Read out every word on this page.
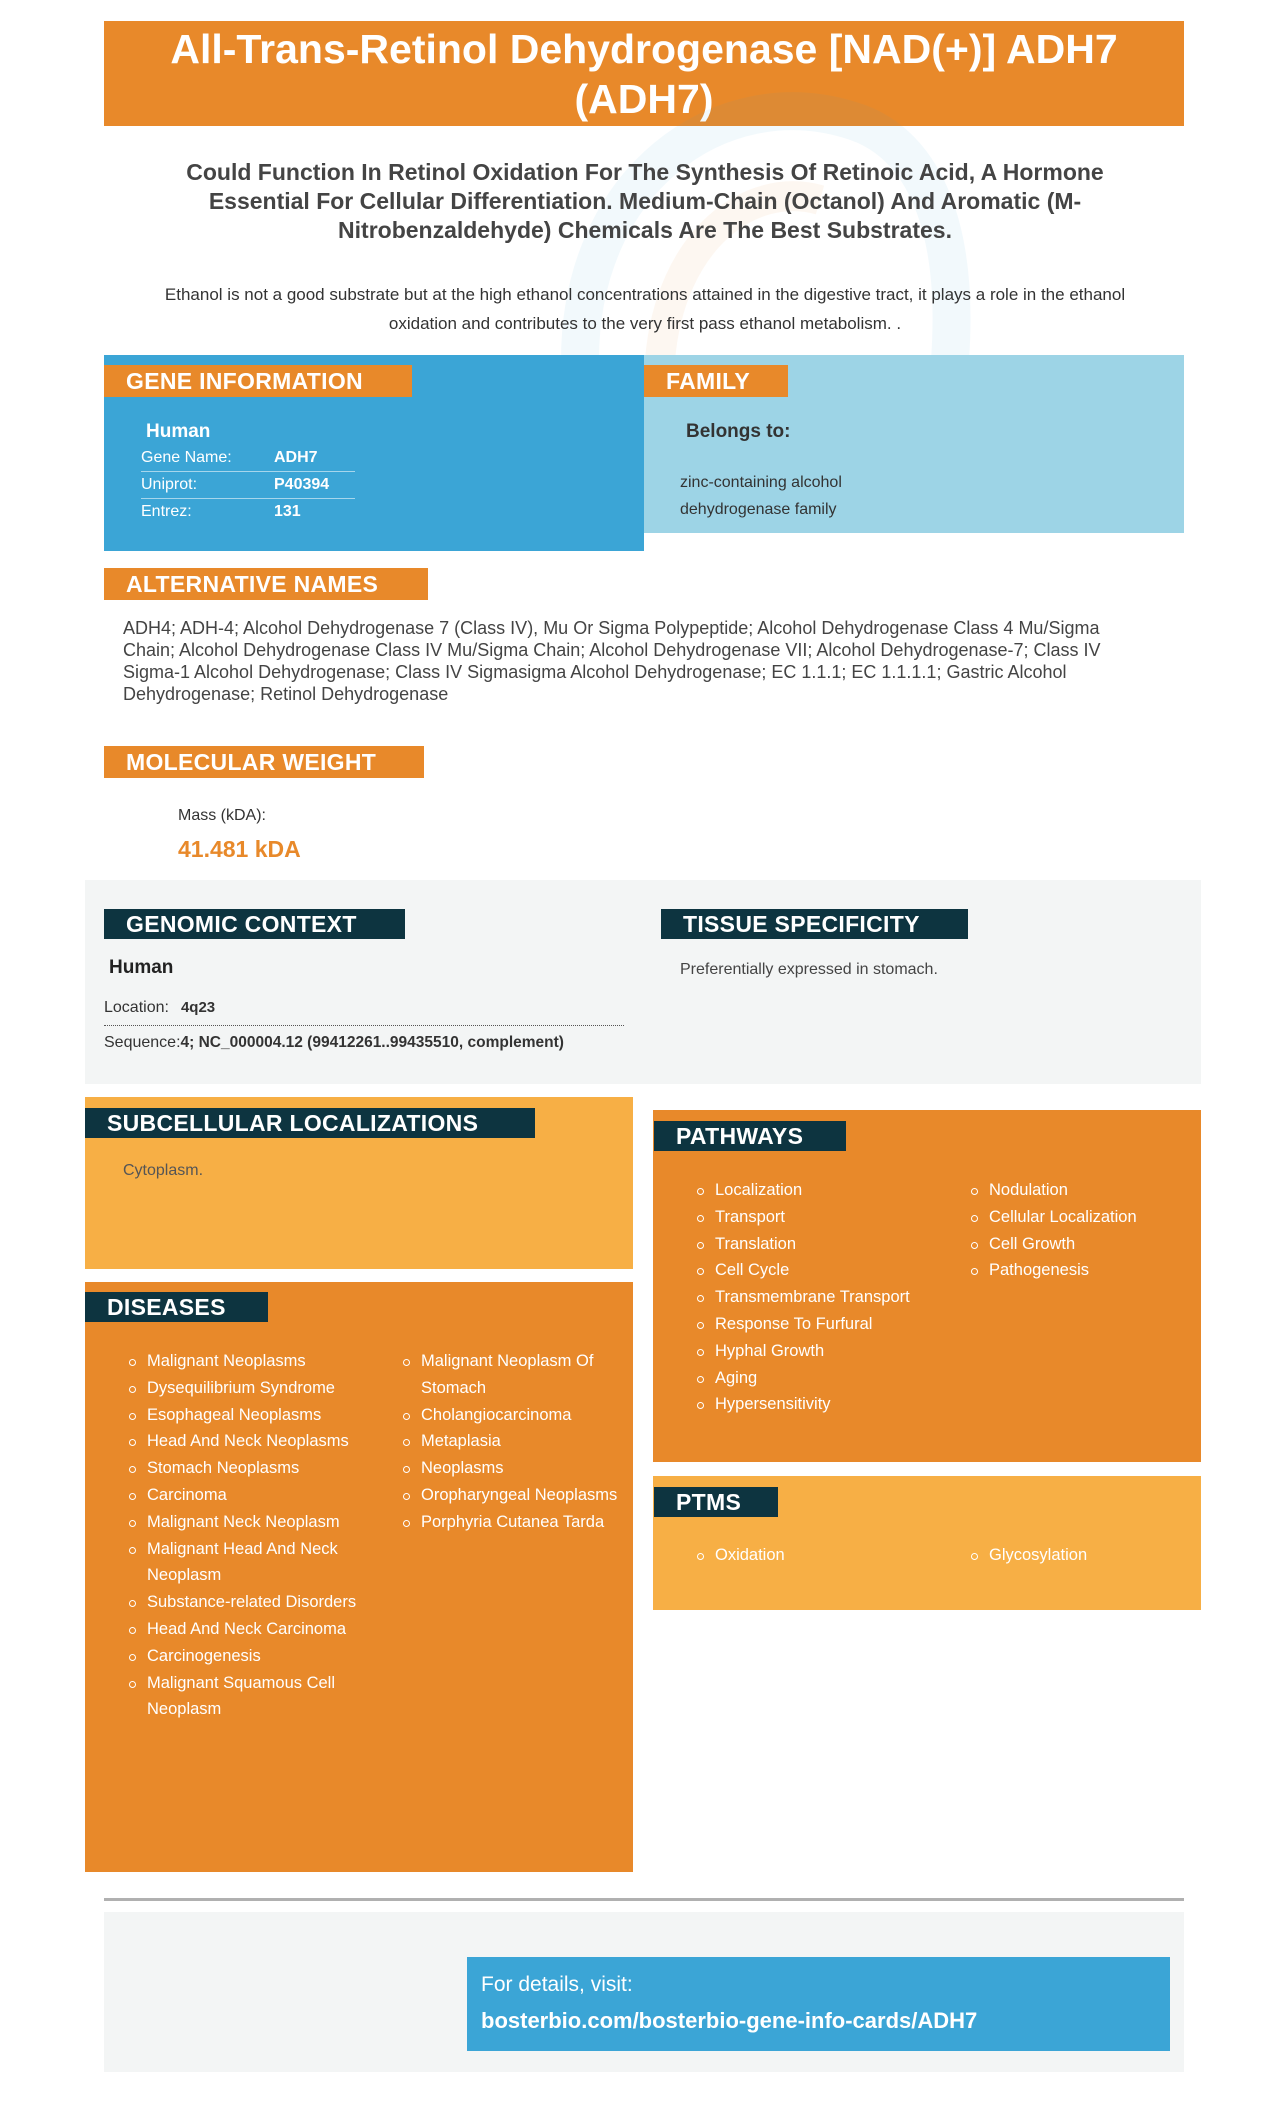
All-Trans-Retinol Dehydrogenase [NAD(+)] ADH7 (ADH7)
Could Function In Retinol Oxidation For The Synthesis Of Retinoic Acid, A Hormone Essential For Cellular Differentiation. Medium-Chain (Octanol) And Aromatic (M-Nitrobenzaldehyde) Chemicals Are The Best Substrates.
Ethanol is not a good substrate but at the high ethanol concentrations attained in the digestive tract, it plays a role in the ethanol oxidation and contributes to the very first pass ethanol metabolism. .
GENE INFORMATION
Human
Gene Name:	ADH7
Uniprot:	P40394
Entrez:	131
FAMILY
Belongs to:
zinc-containing alcohol dehydrogenase family
ALTERNATIVE NAMES
ADH4; ADH-4; Alcohol Dehydrogenase 7 (Class IV), Mu Or Sigma Polypeptide; Alcohol Dehydrogenase Class 4 Mu/Sigma Chain; Alcohol Dehydrogenase Class IV Mu/Sigma Chain; Alcohol Dehydrogenase VII; Alcohol Dehydrogenase-7; Class IV Sigma-1 Alcohol Dehydrogenase; Class IV Sigmasigma Alcohol Dehydrogenase; EC 1.1.1; EC 1.1.1.1; Gastric Alcohol Dehydrogenase; Retinol Dehydrogenase
MOLECULAR WEIGHT
Mass (kDA):
41.481 kDA
GENOMIC CONTEXT	TISSUE SPECIFICITY
Human
Location: 4q23
Sequence:4; NC_000004.12 (99412261..99435510, complement)
Preferentially expressed in stomach.
SUBCELLULAR LOCALIZATIONS
Cytoplasm.
DISEASES
Malignant Neoplasms
Dysequilibrium Syndrome
Esophageal Neoplasms
Head And Neck Neoplasms
Stomach Neoplasms
Carcinoma
Malignant Neck Neoplasm
Malignant Head And Neck Neoplasm
Substance-related Disorders
Head And Neck Carcinoma
Carcinogenesis
Malignant Squamous Cell Neoplasm
Malignant Neoplasm Of Stomach
Cholangiocarcinoma
Metaplasia
Neoplasms
Oropharyngeal Neoplasms
Porphyria Cutanea Tarda
PATHWAYS
Localization
Transport
Translation
Cell Cycle
Transmembrane Transport
Response To Furfural
Hyphal Growth
Aging
Hypersensitivity
Nodulation
Cellular Localization
Cell Growth
Pathogenesis
PTMS
Oxidation	Glycosylation
For details, visit:
bosterbio.com/bosterbio-gene-info-cards/ADH7
